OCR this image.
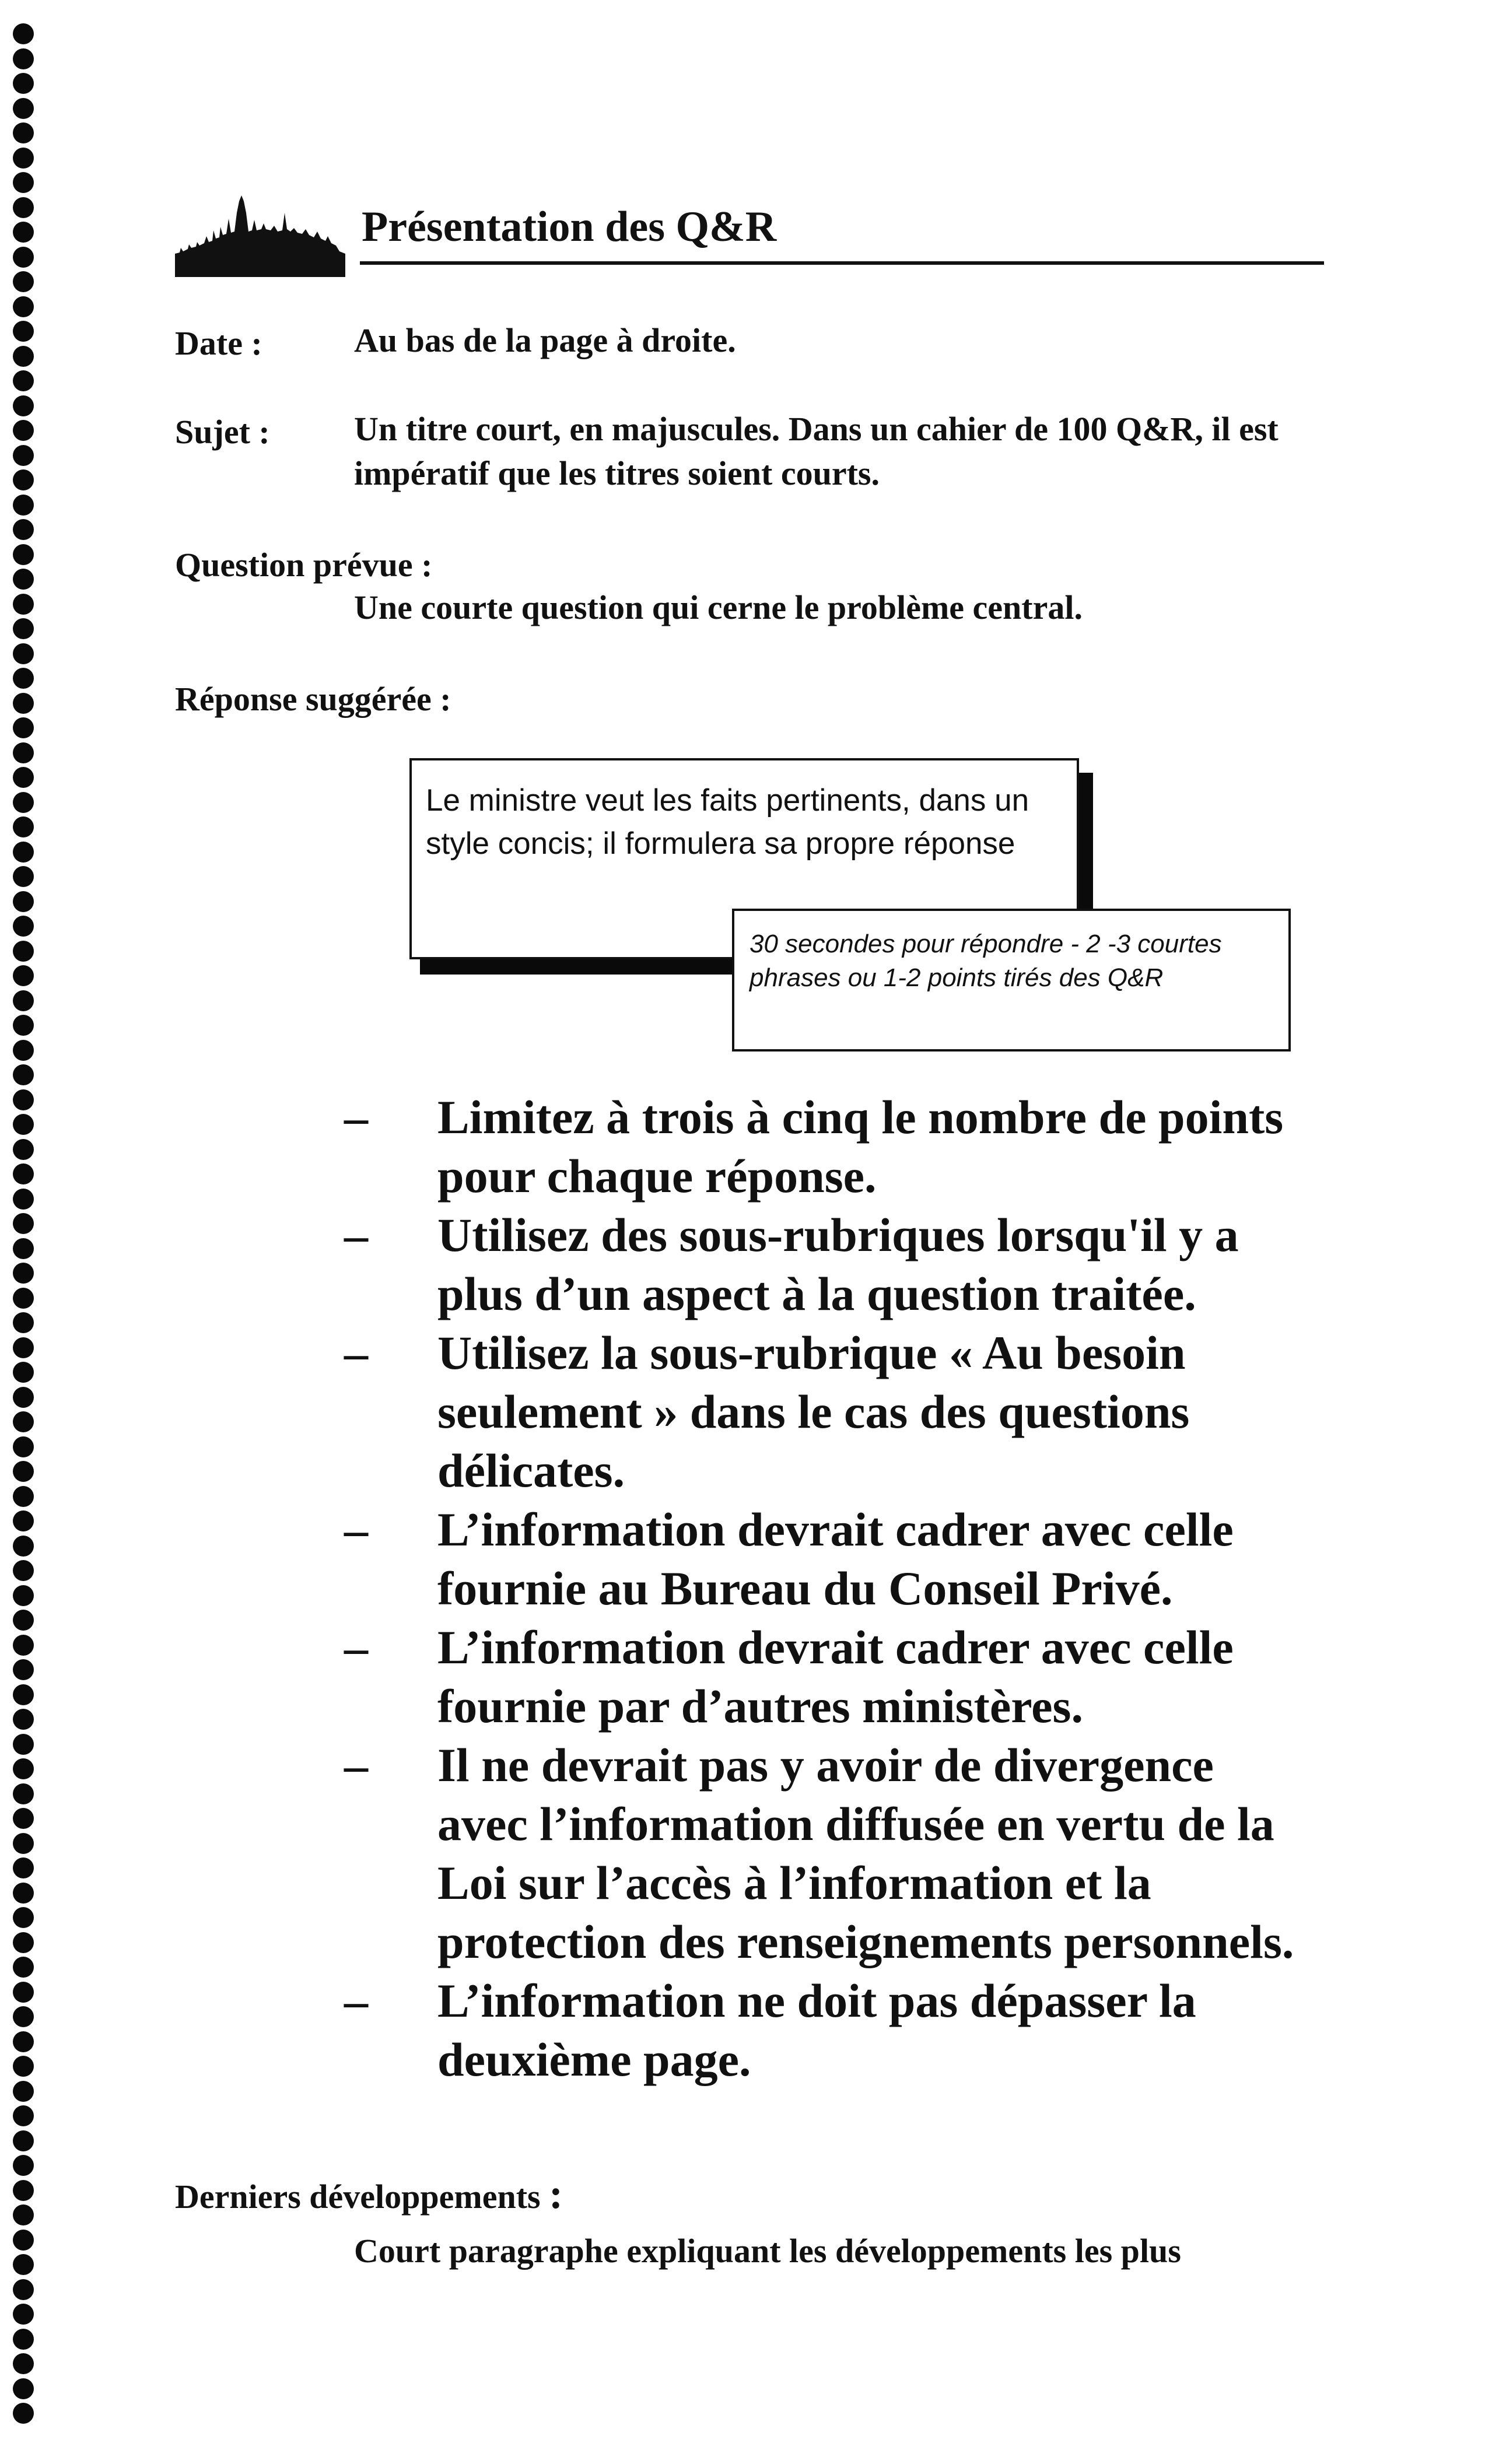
Présentation des Q&R
Date :	Au bas de la page à droite.
Sujet : Un titre court, en majuscules. Dans un cahier de 100 Q&R, il est impératif que les titres soient courts.
Question prévue :
Une courte question qui cerne le problème central.
Réponse suggérée :
Le ministre veut les faits pertinents, dans un style concis; il formulera sa propre réponse
30 secondes pour répondre - 2 -3 courtes phrases ou 1-2 points tirés des Q&R
–	Limitez à trois à cinq le nombre de points
pour chaque réponse.
–	Utilisez des sous-rubriques lorsqu'il y a
plus d’un aspect à la question traitée.
–	Utilisez la sous-rubrique « Au besoin
seulement » dans le cas des questions
délicates.
–	L’information devrait cadrer avec celle
fournie au Bureau du Conseil Privé.
–	L’information devrait cadrer avec celle
fournie par d’autres ministères.
–	Il ne devrait pas y avoir de divergence
avec l’information diffusée en vertu de la
Loi sur l’accès à l’information et la
protection des renseignements personnels.
–	L’information ne doit pas dépasser la
deuxième page.
Derniers développements :
Court paragraphe expliquant les développements les plus
